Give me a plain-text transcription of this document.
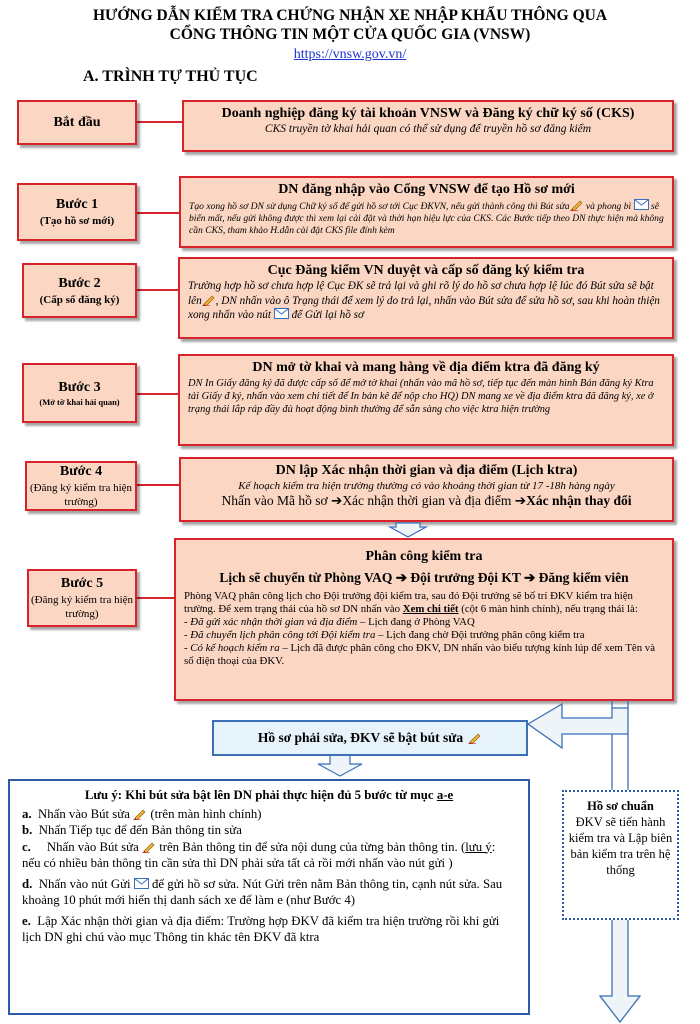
HƯỚNG DẪN KIỂM TRA CHỨNG NHẬN XE NHẬP KHẨU THÔNG QUA
CỔNG THÔNG TIN MỘT CỬA QUỐC GIA (VNSW)
https://vnsw.gov.vn/
A. TRÌNH TỰ THỦ TỤC
Bắt đầu
Doanh nghiệp đăng ký tài khoản VNSW và Đăng ký chữ ký số (CKS)
CKS truyền tờ khai hải quan có thể sử dụng để truyền hồ sơ đăng kiểm
Bước 1
(Tạo hồ sơ mới)
DN đăng nhập vào Cổng VNSW để tạo Hồ sơ mới
Tạo xong hồ sơ DN sử dụng Chữ ký số để gửi hồ sơ tới Cục ĐKVN, nếu gửi thành công thì Bút sửa và phong bì sẽ biến mất, nếu gửi không được thì xem lại cài đặt và thời hạn hiệu lực của CKS. Các Bước tiếp theo DN thực hiện mà không cần CKS, tham khảo H.dẫn cài đặt CKS file đính kèm
Bước 2
(Cấp số đăng ký)
Cục Đăng kiểm VN duyệt và cấp số đăng ký kiểm tra
Trường hợp hồ sơ chưa hợp lệ Cục ĐK sẽ trả lại và ghi rõ lý do hồ sơ chưa hợp lệ lúc đó Bút sửa sẽ bật lên , DN nhấn vào ô Trạng thái để xem lý do trả lại, nhấn vào Bút sửa để sửa hồ sơ, sau khi hoàn thiện xong nhấn vào nút để Gửi lại hồ sơ
Bước 3
(Mở tờ khai hải quan)
DN mở tờ khai và mang hàng về địa điểm ktra đã đăng ký
DN In Giấy đăng ký đã được cấp số để mở tờ khai (nhấn vào mã hồ sơ, tiếp tục đến màn hình Bản đăng ký Ktra tải Giấy đ ký, nhấn vào xem chi tiết để In bản kê để nộp cho HQ) DN mang xe về địa điểm ktra đã đăng ký, xe ở trạng thái lắp ráp đầy đủ hoạt động bình thường để sẵn sàng cho việc ktra hiện trường
Bước 4
(Đăng ký kiểm tra hiện trường)
DN lập Xác nhận thời gian và địa điểm (Lịch ktra)
Kế hoạch kiểm tra hiện trường thường có vào khoảng thời gian từ 17 -18h hàng ngày
Nhấn vào Mã hồ sơ ➔Xác nhận thời gian và địa điểm ➔Xác nhận thay đổi
Bước 5
(Đăng ký kiểm tra hiện trường)
Phân công kiểm tra
Lịch sẽ chuyển từ Phòng VAQ ➔ Đội trưởng Đội KT ➔ Đăng kiểm viên
Phòng VAQ phân công lịch cho Đội trưởng đội kiểm tra, sau đó Đội trưởng sẽ bố trí ĐKV kiểm tra hiện trường. Để xem trạng thái của hồ sơ DN nhấn vào Xem chi tiết (cột 6 màn hình chính), nếu trạng thái là:
- Đã gửi xác nhận thời gian và địa điểm – Lịch đang ở Phòng VAQ
- Đã chuyển lịch phân công tới Đội kiểm tra – Lịch đang chờ Đội trưởng phân công kiểm tra
- Có kế hoạch kiểm ra – Lịch đã được phân công cho ĐKV, DN nhấn vào biểu tượng kính lúp để xem Tên và số điện thoại của ĐKV.
Hồ sơ phải sửa, ĐKV sẽ bật bút sửa
Lưu ý: Khi bút sửa bật lên DN phải thực hiện đủ 5 bước từ mục a-e
a. Nhấn vào Bút sửa (trên màn hình chính)
b. Nhấn Tiếp tục để đến Bản thông tin sửa
c. Nhấn vào Bút sửa trên Bản thông tin để sửa nội dung của từng bản thông tin. (lưu ý: nếu có nhiều bản thông tin cần sửa thì DN phải sửa tất cả rồi mới nhấn vào nút gửi )
d. Nhấn vào nút Gửi để gửi hồ sơ sửa. Nút Gửi trên nằm Bản thông tin, cạnh nút sửa. Sau khoảng 10 phút mới hiển thị danh sách xe để làm e (như Bước 4)
e. Lập Xác nhận thời gian và địa điểm: Trường hợp ĐKV đã kiểm tra hiện trường rồi khi gửi lịch DN ghi chú vào mục Thông tin khác tên ĐKV đã ktra
Hồ sơ chuẩn
ĐKV sẽ tiến hành kiểm tra và Lập biên bản kiểm tra trên hệ thống
